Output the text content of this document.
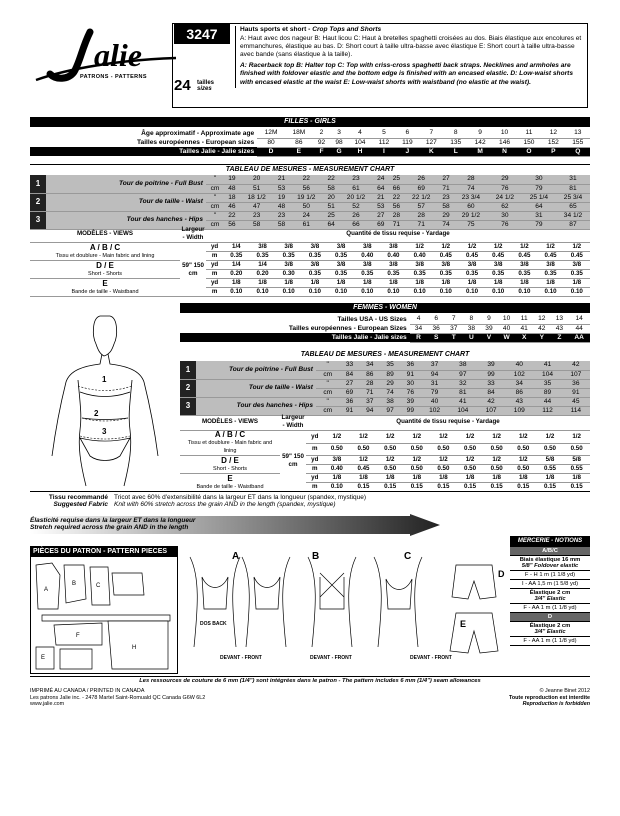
alie
PATRONS - PATTERNS
3247
24 tailles
sizes

Hauts sports et short - Crop Tops and Shorts

A: Haut avec dos nageur B: Haut licou C: Haut à bretelles spaghetti croisées au dos. Biais élastique aux encolures et emmanchures, élastique au bas. D: Short court à taille ultra-basse avec élastique E: Short court à taille ultra-basse avec bande (sans élastique à la taille).

A: Racerback top B: Halter top C: Top with criss-cross spaghetti back straps. Necklines and armholes are finished with foldover elastic and the bottom edge is finished with an encased elastic. D: Low-waist shorts with encased elastic at the waist E: Low-waist shorts with waistband (no elastic at the waist).

FILLES - GIRLS
Âge approximatif - Approximate age	12M	18M	2	3	4	5	6	7	8	9	10	11	12	13
Tailles européennes - European sizes	80	86	92	98	104	112	119	127	135	142	146	150	152	155
Tailles Jalie - Jalie sizes	D	E	F	G	H	I	J	K	L	M	N	O	P	Q
TABLEAU DE MESURES - MEASUREMENT CHART
1	Tour de poitrine - Full Bust	"	19	20	21	22	22	23	24	25	26	27	28	29	30	31
		cm	48	51	53	56	58	61	64	66	69	71	74	76	79	81
2	Tour de taille - Waist	"	18	18 1/2	19	19 1/2	20	20 1/2	21	22	22 1/2	23	23 3/4	24 1/2	25 1/4	25 3/4
		cm	46	47	48	50	51	52	53	56	57	58	60	62	64	65
3	Tour des hanches - Hips	"	22	23	23	24	25	26	27	28	28	29	29 1/2	30	31	34 1/2
		cm	56	58	58	61	64	66	69	71	71	74	75	76	79	87
MODÈLES - VIEWS	Largeur - Width	Quantité de tissu requise - Yardage														

A / B / C
Tissu et doublure - Main fabric and lining	59" 150 cm	yd	1/4	3/8	3/8	3/8	3/8	3/8	3/8	1/2	1/2	1/2	1/2	1/2	1/2	1/2
		m	0.35	0.35	0.35	0.35	0.35	0.40	0.40	0.40	0.45	0.45	0.45	0.45	0.45	0.45

D / E
Short - Shorts		yd	1/4	1/4	3/8	3/8	3/8	3/8	3/8	3/8	3/8	3/8	3/8	3/8	3/8	3/8
		m	0.20	0.20	0.30	0.35	0.35	0.35	0.35	0.35	0.35	0.35	0.35	0.35	0.35	0.35

E
Bande de taille - Waistband		yd	1/8	1/8	1/8	1/8	1/8	1/8	1/8	1/8	1/8	1/8	1/8	1/8	1/8	1/8
		m	0.10	0.10	0.10	0.10	0.10	0.10	0.10	0.10	0.10	0.10	0.10	0.10	0.10	0.10
FEMMES - WOMEN
Tailles USA - US Sizes	4	6	7	8	9	10	11	12	13	14
Tailles européennes - European Sizes	34	36	37	38	39	40	41	42	43	44
Tailles Jalie - Jalie sizes	R	S	T	U	V	W	X	Y	Z	AA
TABLEAU DE MESURES - MEASUREMENT CHART
1	Tour de poitrine - Full Bust	"	33	34	35	36	37	38	39	40	41	42
		cm	84	86	89	91	94	97	99	102	104	107
2	Tour de taille - Waist	"	27	28	29	30	31	32	33	34	35	36
		cm	69	71	74	76	79	81	84	86	89	91
3	Tour des hanches - Hips	"	36	37	38	39	40	41	42	43	44	45
		cm	91	94	97	99	102	104	107	109	112	114
MODÈLES - VIEWS	Largeur - Width	Quantité de tissu requise - Yardage										

A / B / C
Tissu et doublure - Main fabric and lining	59" 150 cm	yd	1/2	1/2	1/2	1/2	1/2	1/2	1/2	1/2	1/2	1/2
		m	0.50	0.50	0.50	0.50	0.50	0.50	0.50	0.50	0.50	0.50

D / E
Short - Shorts		yd	3/8	1/2	1/2	1/2	1/2	1/2	1/2	1/2	5/8	5/8
		m	0.40	0.45	0.50	0.50	0.50	0.50	0.50	0.50	0.55	0.55

E
Bande de taille - Waistband		yd	1/8	1/8	1/8	1/8	1/8	1/8	1/8	1/8	1/8	1/8
		m	0.10	0.15	0.15	0.15	0.15	0.15	0.15	0.15	0.15	0.15
1
2
3
Tissu recommandé Tricot avec 60% d'extensibilité dans la largeur ET dans la longueur (spandex, mystique)
Suggested Fabric Knit with 60% stretch across the grain AND in the length (spandex, mystique)
Élasticité requise dans la largeur ET dans la longueur
Stretch required across the grain AND in the length
PIÈCES DU PATRON - PATTERN PIECES
A
B	C
F
H
E
A	B	C
D
E
DOS BACK
DEVANT - FRONT	DEVANT - FRONT	DEVANT - FRONT
MERCERIE - NOTIONS
A/B/C
Biais élastique 16 mm
5/8" Foldover elastic
F - H 1 m (1 1/8 yd)
I - AA 1,5 m (1 5/8 yd)
Élastique 2 cm
3/4" Elastic
F - AA 1 m (1 1/8 yd)
D
Élastique 2 cm
3/4" Elastic
F - AA 1 m (1 1/8 yd)
Les ressources de couture de 6 mm (1/4") sont intégrées dans le patron - The pattern includes 6 mm (1/4") seam allowances
IMPRIMÉ AU CANADA / PRINTED IN CANADA
Les patrons Jalie inc. - 2478 Martel Saint-Romuald QC Canada G6W 6L2
www.jalie.com
© Jeanne Binet 2012
Toute reproduction est interdite
Reproduction is forbidden
